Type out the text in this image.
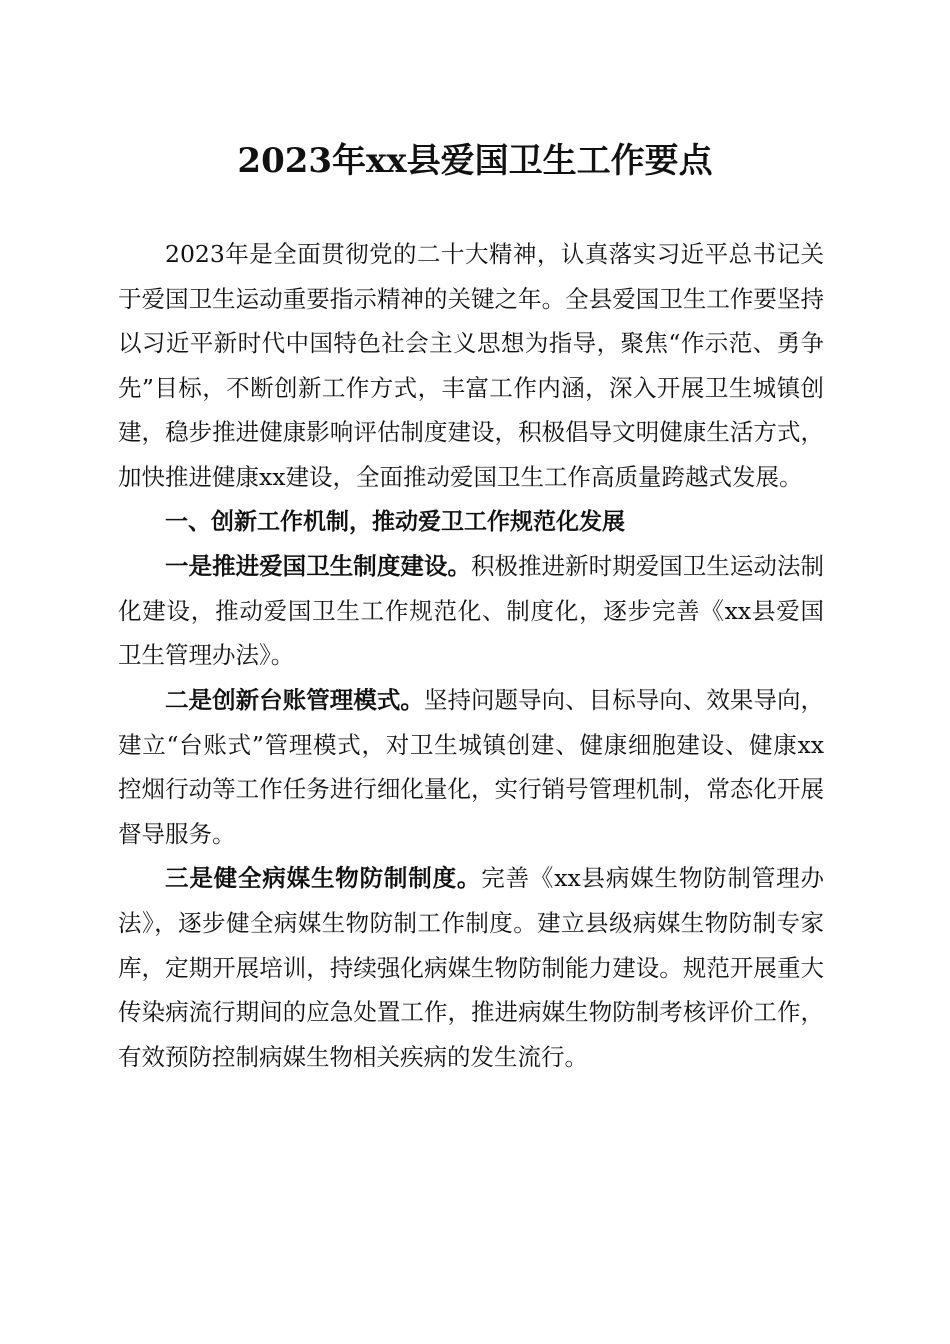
2023年xx县爱国卫生工作要点

2023年是全面贯彻党的二十大精神，认真落实习近平总书记关于爱国卫生运动重要指示精神的关键之年。全县爱国卫生工作要坚持以习近平新时代中国特色社会主义思想为指导，聚焦“作示范、勇争先”目标，不断创新工作方式，丰富工作内涵，深入开展卫生城镇创建，稳步推进健康影响评估制度建设，积极倡导文明健康生活方式，加快推进健康xx建设，全面推动爱国卫生工作高质量跨越式发展。

一、创新工作机制，推动爱卫工作规范化发展

一是推进爱国卫生制度建设。积极推进新时期爱国卫生运动法制化建设，推动爱国卫生工作规范化、制度化，逐步完善《xx县爱国卫生管理办法》。

二是创新台账管理模式。坚持问题导向、目标导向、效果导向，建立“台账式”管理模式，对卫生城镇创建、健康细胞建设、健康xx控烟行动等工作任务进行细化量化，实行销号管理机制，常态化开展督导服务。

三是健全病媒生物防制制度。完善《xx县病媒生物防制管理办法》，逐步健全病媒生物防制工作制度。建立县级病媒生物防制专家库，定期开展培训，持续强化病媒生物防制能力建设。规范开展重大传染病流行期间的应急处置工作，推进病媒生物防制考核评价工作，有效预防控制病媒生物相关疾病的发生流行。
